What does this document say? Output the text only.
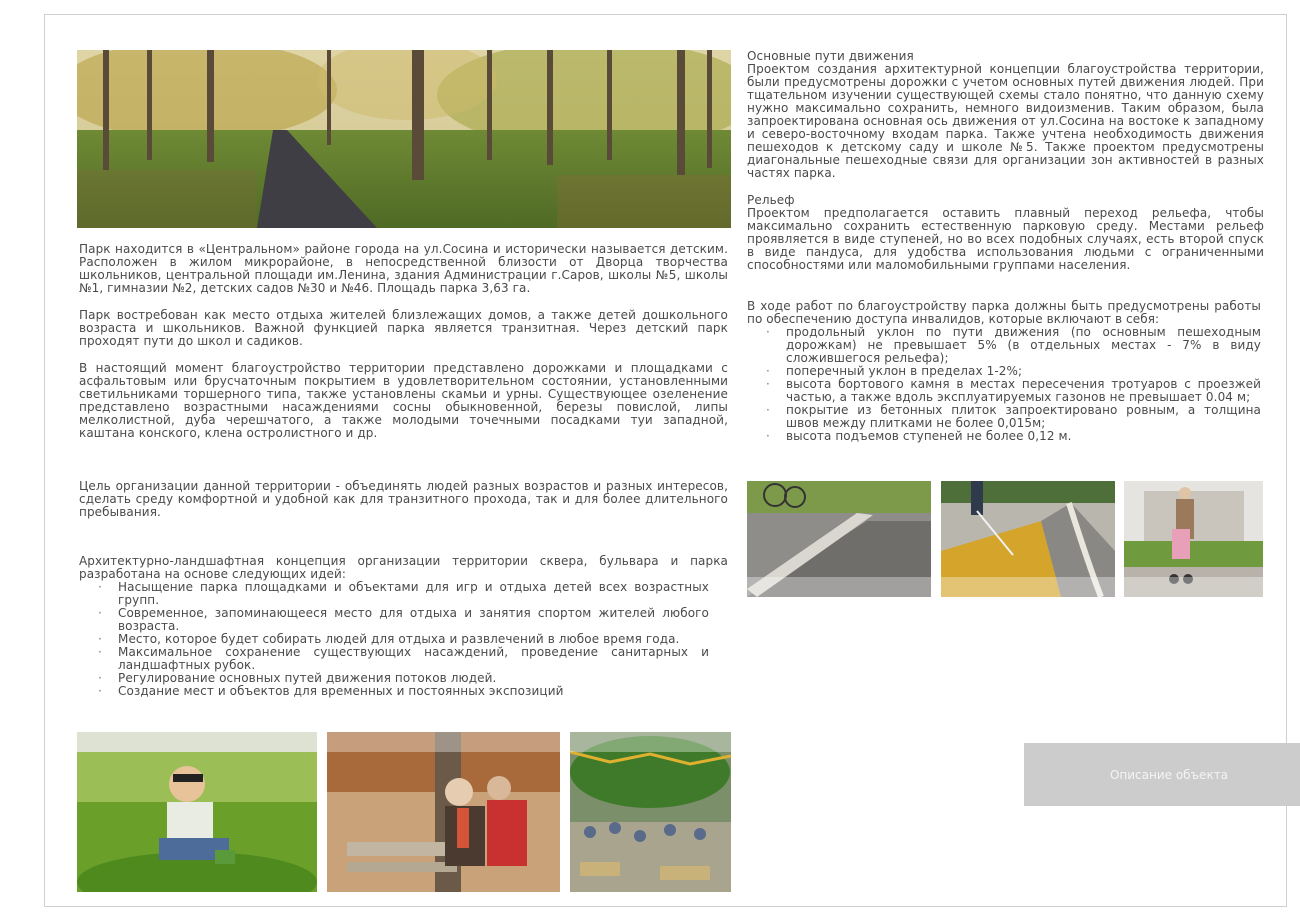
Парк находится в «Центральном» районе города на ул.Сосина и исторически называется детским. Расположен в жилом микрорайоне, в непосредственной близости от Дворца творчества школьников, центральной площади им.Ленина, здания Администрации г.Саров, школы №5, школы №1, гимназии №2, детских садов №30 и №46. Площадь парка 3,63 га.

Парк востребован как место отдыха жителей близлежащих домов, а также детей дошкольного возраста и школьников. Важной функцией парка является транзитная. Через детский парк проходят пути до школ и садиков.

В настоящий момент благоустройство территории представлено дорожками и площадками с асфальтовым или брусчаточным покрытием в удовлетворительном состоянии, установленными светильниками торшерного типа, также установлены скамьи и урны. Существующее озеленение представлено возрастными насаждениями сосны обыкновенной, березы повислой, липы мелколистной, дуба черешчатого, а также молодыми точечными посадками туи западной, каштана конского, клена остролистного и др.

Цель организации данной территории - объединять людей разных возрастов и разных интересов, сделать среду комфортной и удобной как для транзитного прохода, так и для более длительного пребывания.

Архитектурно-ландшафтная концепция организации территории сквера, бульвара и парка разработана на основе следующих идей:

· Насыщение парка площадками и объектами для игр и отдыха детей всех возрастных групп.
· Современное, запоминающееся место для отдыха и занятия спортом жителей любого возраста.
· Место, которое будет собирать людей для отдыха и развлечений в любое время года.
· Максимальное сохранение существующих насаждений, проведение санитарных и ландшафтных рубок.
· Регулирование основных путей движения потоков людей.
· Создание мест и объектов для временных и постоянных экспозиций

Основные пути движения

Проектом создания архитектурной концепции благоустройства территории, были предусмотрены дорожки с учетом основных путей движения людей. При тщательном изучении существующей схемы стало понятно, что данную схему нужно максимально сохранить, немного видоизменив. Таким образом, была запроектирована основная ось движения от ул.Сосина на востоке к западному и северо-восточному входам парка. Также учтена необходимость движения пешеходов к детскому саду и школе №5. Также проектом предусмотрены диагональные пешеходные связи для организации зон активностей в разных частях парка.

Рельеф

Проектом предполагается оставить плавный переход рельефа, чтобы максимально сохранить естественную парковую среду. Местами рельеф проявляется в виде ступеней, но во всех подобных случаях, есть второй спуск в виде пандуса, для удобства использования людьми с ограниченными способностями или маломобильными группами населения.

В ходе работ по благоустройству парка должны быть предусмотрены работы по обеспечению доступа инвалидов, которые включают в себя:

· продольный уклон по пути движения (по основным пешеходным дорожкам) не превышает 5% (в отдельных местах - 7% в виду сложившегося рельефа);
· поперечный уклон в пределах 1-2%;
· высота бортового камня в местах пересечения тротуаров с проезжей частью, а также вдоль эксплуатируемых газонов не превышает 0.04 м;
· покрытие из бетонных плиток запроектировано ровным, а толщина швов между плитками не более 0,015м;
· высота подъемов ступеней не более 0,12 м.
Описание объекта
